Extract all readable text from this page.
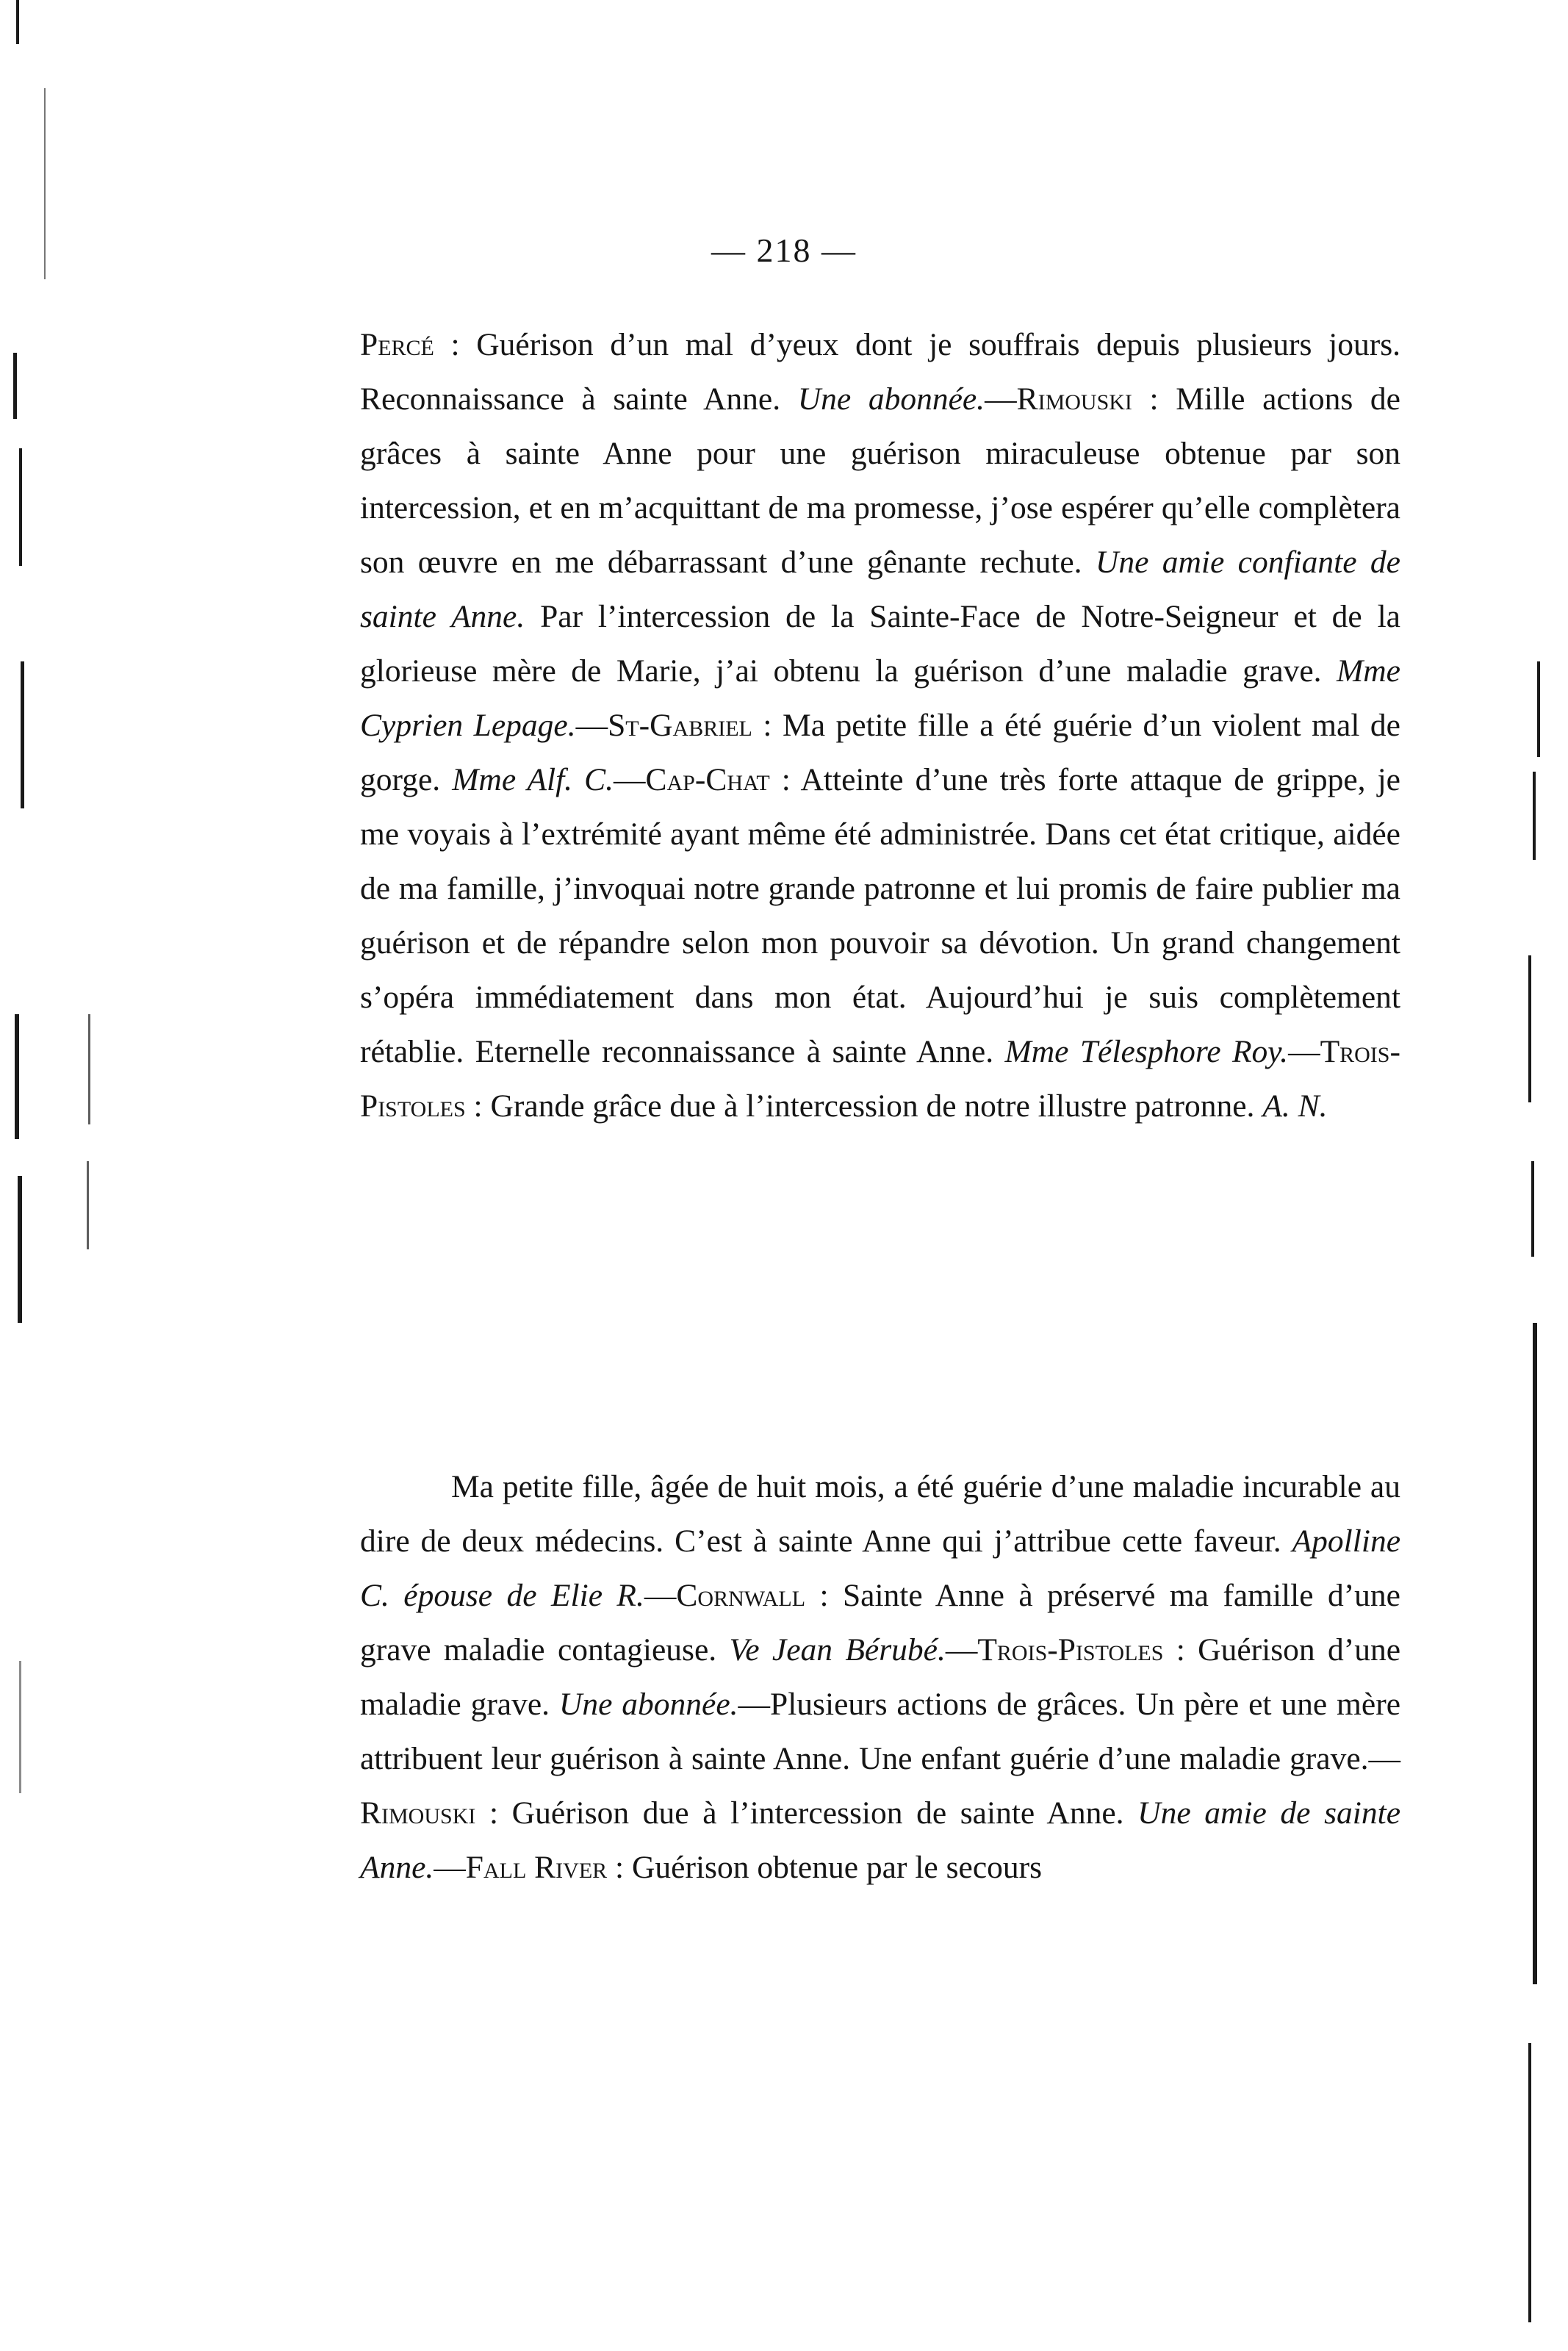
— 218 —

Percé : Guérison d’un mal d’yeux dont je souffrais depuis plusieurs jours. Reconnaissance à sainte Anne. Une abonnée.—Rimouski : Mille actions de grâces à sainte Anne pour une guérison miraculeuse obtenue par son intercession, et en m’acquittant de ma promesse, j’ose espérer qu’elle complètera son œuvre en me débarrassant d’une gênante rechute. Une amie confiante de sainte Anne. Par l’intercession de la Sainte-Face de Notre-Seigneur et de la glorieuse mère de Marie, j’ai obtenu la guérison d’une maladie grave. Mme Cyprien Lepage.—St-Gabriel : Ma petite fille a été guérie d’un violent mal de gorge. Mme Alf. C.—Cap-Chat : Atteinte d’une très forte attaque de grippe, je me voyais à l’extrémité ayant même été administrée. Dans cet état critique, aidée de ma famille, j’invoquai notre grande patronne et lui promis de faire publier ma guérison et de répandre selon mon pouvoir sa dévotion. Un grand changement s’opéra immédiatement dans mon état. Aujourd’hui je suis complètement rétablie. Eternelle reconnaissance à sainte Anne. Mme Télesphore Roy.—Trois-Pistoles : Grande grâce due à l’intercession de notre illustre patronne. A. N.

Ma petite fille, âgée de huit mois, a été guérie d’une maladie incurable au dire de deux médecins. C’est à sainte Anne qui j’attribue cette faveur. Apolline C. épouse de Elie R.—Cornwall : Sainte Anne à préservé ma famille d’une grave maladie contagieuse. Ve Jean Bérubé.—Trois-Pistoles : Guérison d’une maladie grave. Une abonnée.—Plusieurs actions de grâces. Un père et une mère attribuent leur guérison à sainte Anne. Une enfant guérie d’une maladie grave.—Rimouski : Guérison due à l’intercession de sainte Anne. Une amie de sainte Anne.—Fall River : Guérison obtenue par le secours
